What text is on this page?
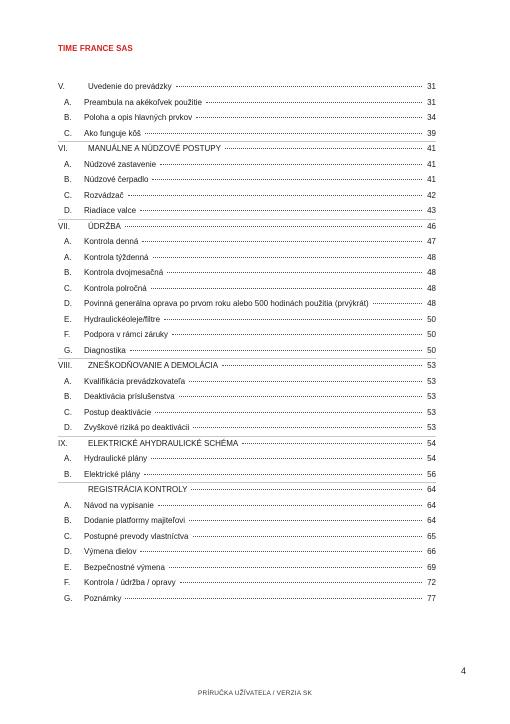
TIME FRANCE SAS
V.	Uvedenie do prevádzky	31
A.	Preambula na akékoľvek použitie	31
B.	Poloha a opis hlavných prvkov	34
C.	Ako funguje kôš	39
VI.	MANUÁLNE A NÚDZOVÉ POSTUPY	41
A.	Núdzové zastavenie	41
B.	Núdzové čerpadlo	41
C.	Rozvádzač	42
D.	Riadiace valce	43
VII.	ÚDRŽBA	46
A.	Kontrola denná	47
A.	Kontrola týždenná	48
B.	Kontrola dvojmesačná	48
C.	Kontrola polročná	48
D.	Povinná generálna oprava po prvom roku alebo 500 hodinách použitia (prvýkrát)	48
E.	Hydraulickéoleje/filtre	50
F.	Podpora v rámci záruky	50
G.	Diagnostika	50
VIII.	ZNEŠKODŇOVANIE A DEMOLÁCIA	53
A.	Kvalifikácia prevádzkovateľa	53
B.	Deaktivácia príslušenstva	53
C.	Postup deaktivácie	53
D.	Zvyškové riziká po deaktivácii	53
IX.	ELEKTRICKÉ AHYDRAULICKÉ SCHÉMA	54
A.	Hydraulické plány	54
B.	Elektrické plány	56
REGISTRÁCIA KONTROLY	64
A.	Návod na vypisanie	64
B.	Dodanie platformy majiteľovi	64
C.	Postupné prevody vlastníctva	65
D.	Výmena dielov	66
E.	Bezpečnostné výmena	69
F.	Kontrola / údržba / opravy	72
G.	Poznámky	77
4
PRÍRUČKA UŽÍVATEĽA / VERZIA SK
